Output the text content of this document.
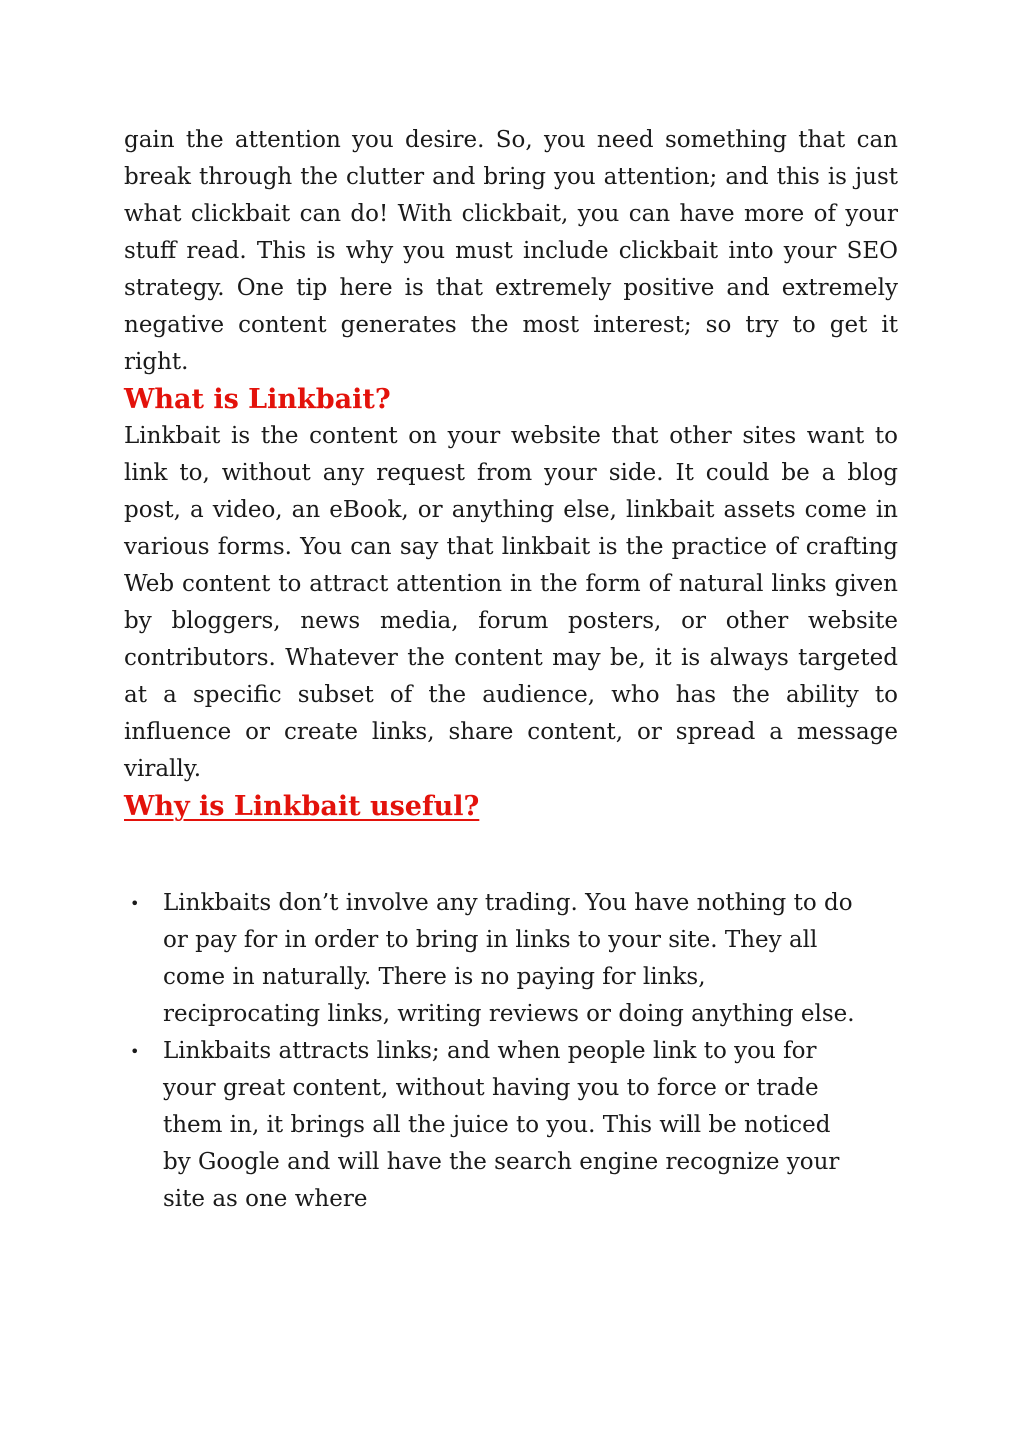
gain the attention you desire. So, you need something that can break through the clutter and bring you attention; and this is just what clickbait can do! With clickbait, you can have more of your stuff read. This is why you must include clickbait into your SEO strategy. One tip here is that extremely positive and extremely negative content generates the most interest; so try to get it right.

What is Linkbait?

Linkbait is the content on your website that other sites want to link to, without any request from your side. It could be a blog post, a video, an eBook, or anything else, linkbait assets come in various forms. You can say that linkbait is the practice of crafting Web content to attract attention in the form of natural links given by bloggers, news media, forum posters, or other website contributors. Whatever the content may be, it is always targeted at a specific subset of the audience, who has the ability to influence or create links, share content, or spread a message virally.

Why is Linkbait useful?
• Linkbaits don’t involve any trading. You have nothing to do or pay for in order to bring in links to your site. They all come in naturally. There is no paying for links, reciprocating links, writing reviews or doing anything else.
• Linkbaits attracts links; and when people link to you for your great content, without having you to force or trade them in, it brings all the juice to you. This will be noticed by Google and will have the search engine recognize your site as one where
